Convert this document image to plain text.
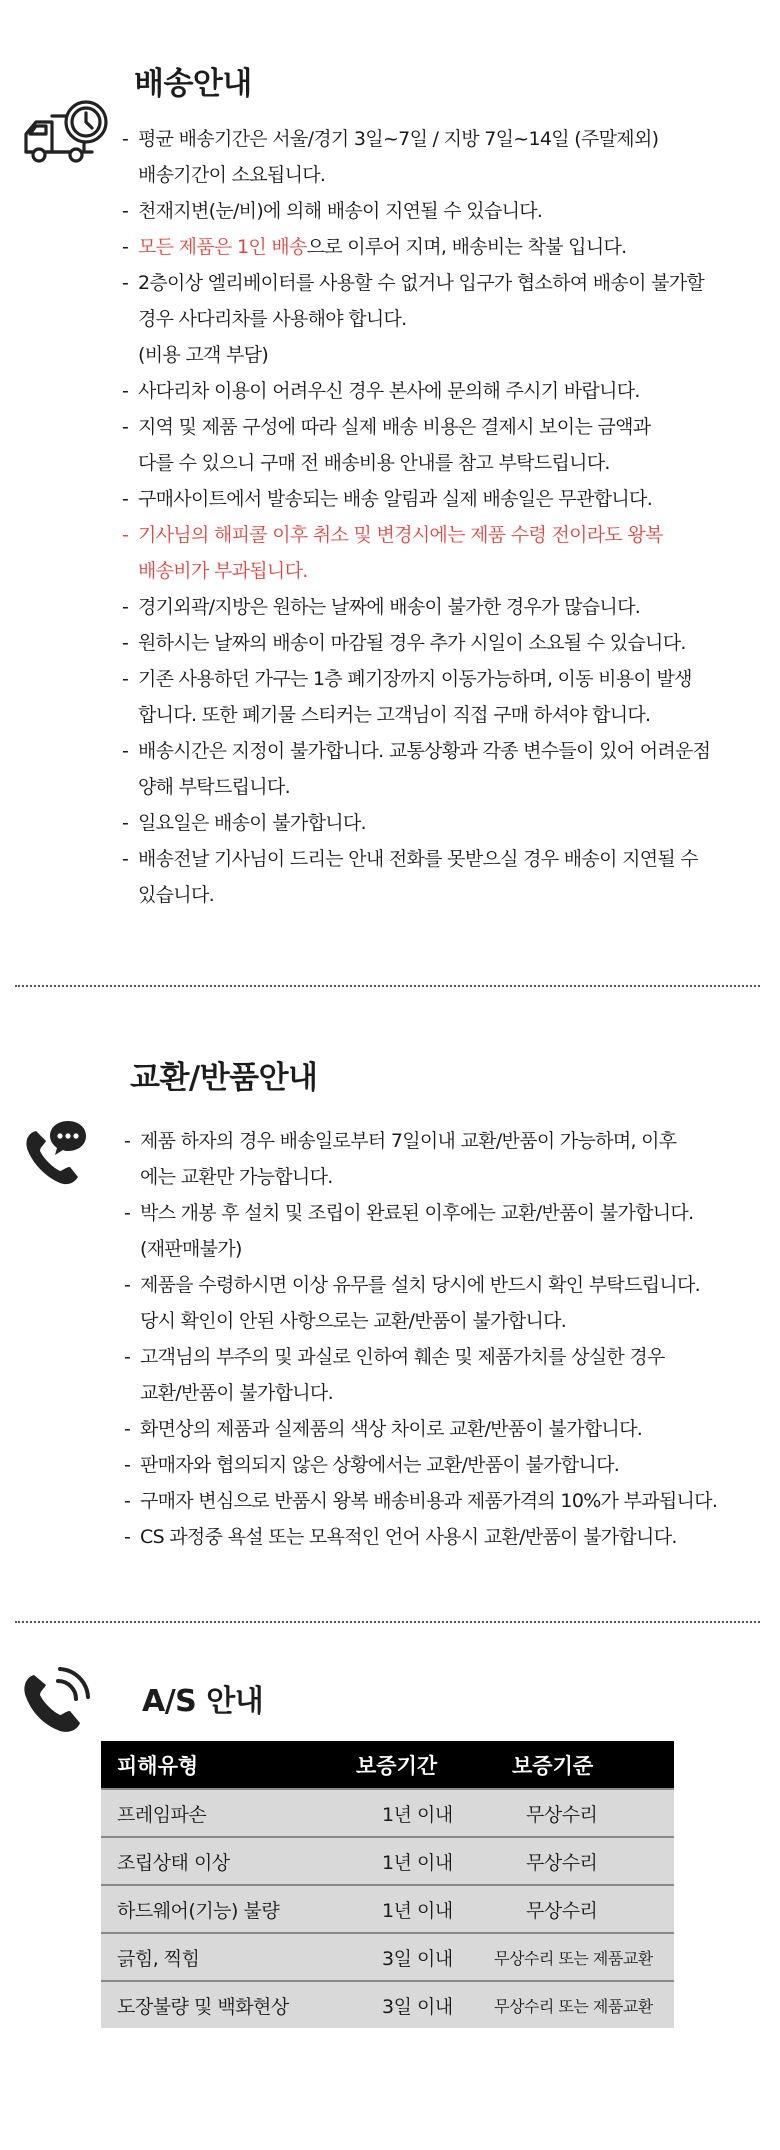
배송안내
- 평균 배송기간은 서울/경기 3일~7일 / 지방 7일~14일 (주말제외)
배송기간이 소요됩니다.
- 천재지변(눈/비)에 의해 배송이 지연될 수 있습니다.
- 모든 제품은 1인 배송으로 이루어 지며, 배송비는 착불 입니다.
- 2층이상 엘리베이터를 사용할 수 없거나 입구가 협소하여 배송이 불가할
경우 사다리차를 사용해야 합니다.
(비용 고객 부담)
- 사다리차 이용이 어려우신 경우 본사에 문의해 주시기 바랍니다.
- 지역 및 제품 구성에 따라 실제 배송 비용은 결제시 보이는 금액과
다를 수 있으니 구매 전 배송비용 안내를 참고 부탁드립니다.
- 구매사이트에서 발송되는 배송 알림과 실제 배송일은 무관합니다.
- 기사님의 해피콜 이후 취소 및 변경시에는 제품 수령 전이라도 왕복
배송비가 부과됩니다.
- 경기외곽/지방은 원하는 날짜에 배송이 불가한 경우가 많습니다.
- 원하시는 날짜의 배송이 마감될 경우 추가 시일이 소요될 수 있습니다.
- 기존 사용하던 가구는 1층 폐기장까지 이동가능하며, 이동 비용이 발생
합니다. 또한 폐기물 스티커는 고객님이 직접 구매 하셔야 합니다.
- 배송시간은 지정이 불가합니다. 교통상황과 각종 변수들이 있어 어려운점
양해 부탁드립니다.
- 일요일은 배송이 불가합니다.
- 배송전날 기사님이 드리는 안내 전화를 못받으실 경우 배송이 지연될 수
있습니다.
교환/반품안내
- 제품 하자의 경우 배송일로부터 7일이내 교환/반품이 가능하며, 이후
에는 교환만 가능합니다.
- 박스 개봉 후 설치 및 조립이 완료된 이후에는 교환/반품이 불가합니다.
(재판매불가)
- 제품을 수령하시면 이상 유무를 설치 당시에 반드시 확인 부탁드립니다.
당시 확인이 안된 사항으로는 교환/반품이 불가합니다.
- 고객님의 부주의 및 과실로 인하여 훼손 및 제품가치를 상실한 경우
교환/반품이 불가합니다.
- 화면상의 제품과 실제품의 색상 차이로 교환/반품이 불가합니다.
- 판매자와 협의되지 않은 상황에서는 교환/반품이 불가합니다.
- 구매자 변심으로 반품시 왕복 배송비용과 제품가격의 10%가 부과됩니다.
- CS 과정중 욕설 또는 모욕적인 언어 사용시 교환/반품이 불가합니다.
A/S 안내
피해유형	보증기간	보증기준
프레임파손	1년 이내	무상수리
조립상태 이상	1년 이내	무상수리
하드웨어(기능) 불량	1년 이내	무상수리
긁힘, 찍힘	3일 이내	무상수리 또는 제품교환
도장불량 및 백화현상	3일 이내	무상수리 또는 제품교환
